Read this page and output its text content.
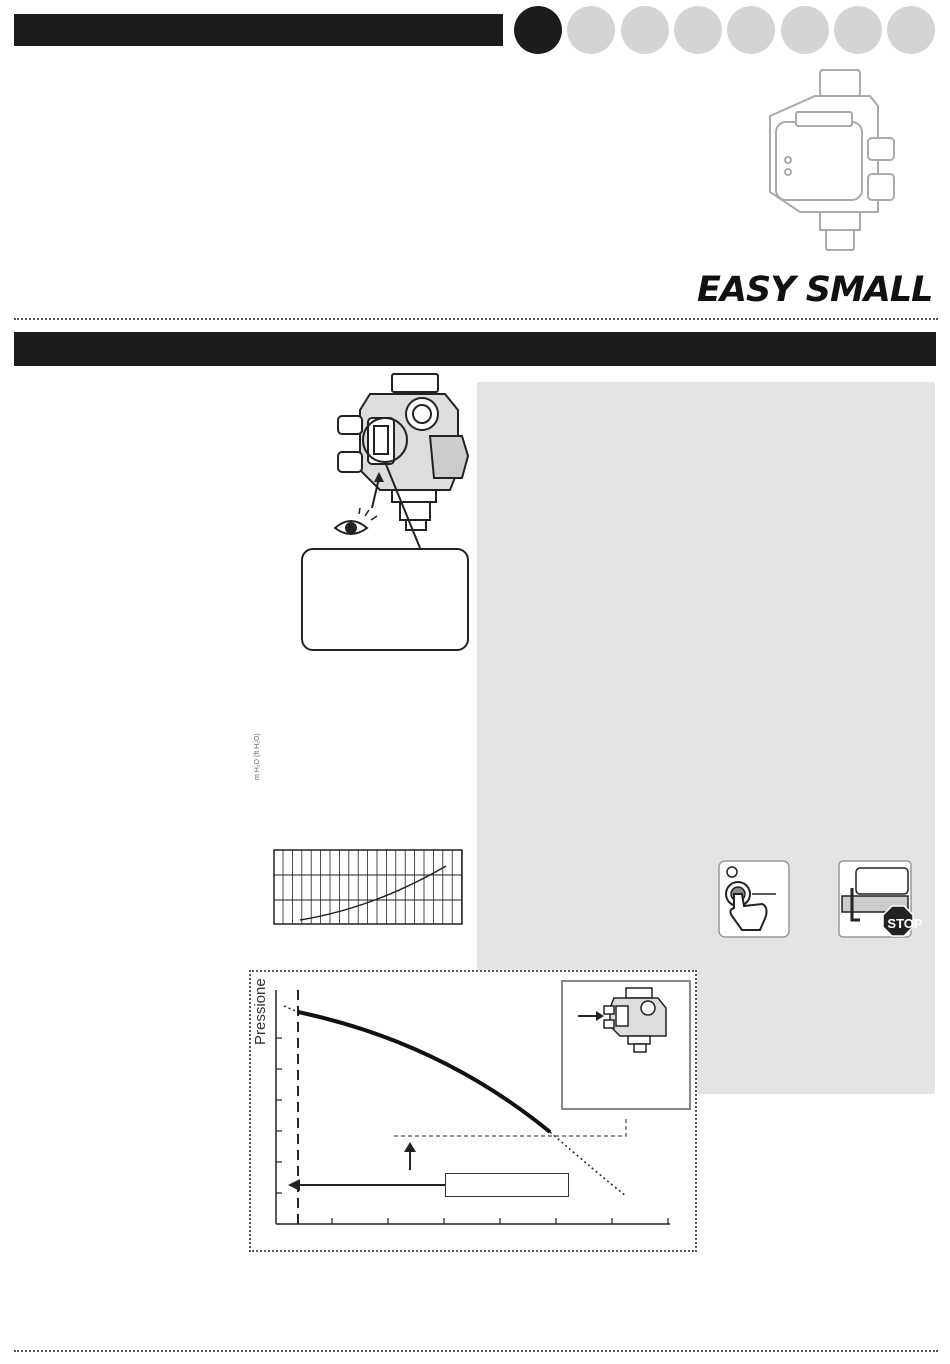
EASY SMALL
m H₂O (ft H₂O)
STOP
Pressione
